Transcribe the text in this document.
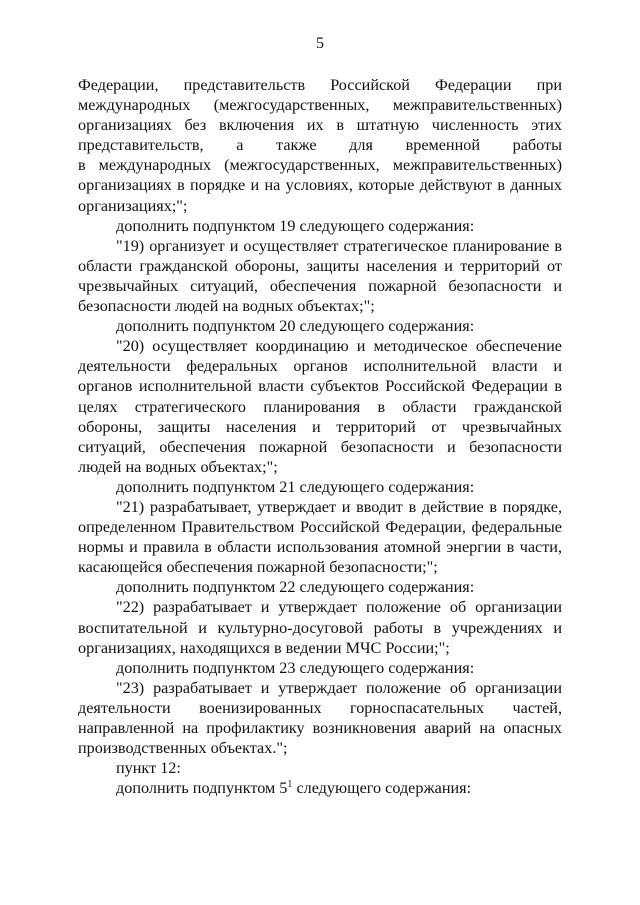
5

Федерации, представительств Российской Федерации при
международных (межгосударственных, межправительственных)
организациях без включения их в штатную численность этих
представительств, а также для временной работы
в международных (межгосударственных, межправительственных) организациях в порядке и на условиях, которые действуют в данных организациях;";

дополнить подпунктом 19 следующего содержания:

"19) организует и осуществляет стратегическое планирование в области гражданской обороны, защиты населения и территорий от чрезвычайных ситуаций, обеспечения пожарной безопасности и безопасности людей на водных объектах;";

дополнить подпунктом 20 следующего содержания:

"20) осуществляет координацию и методическое обеспечение деятельности федеральных органов исполнительной власти и органов исполнительной власти субъектов Российской Федерации в целях стратегического планирования в области гражданской обороны, защиты населения и территорий от чрезвычайных ситуаций, обеспечения пожарной безопасности и безопасности людей на водных объектах;";

дополнить подпунктом 21 следующего содержания:

"21) разрабатывает, утверждает и вводит в действие в порядке, определенном Правительством Российской Федерации, федеральные нормы и правила в области использования атомной энергии в части, касающейся обеспечения пожарной безопасности;";

дополнить подпунктом 22 следующего содержания:

"22) разрабатывает и утверждает положение об организации воспитательной и культурно-досуговой работы в учреждениях и организациях, находящихся в ведении МЧС России;";

дополнить подпунктом 23 следующего содержания:

"23) разрабатывает и утверждает положение об организации деятельности военизированных горноспасательных частей, направленной на профилактику возникновения аварий на опасных производственных объектах.";

пункт 12:

дополнить подпунктом $5^1$ следующего содержания:
